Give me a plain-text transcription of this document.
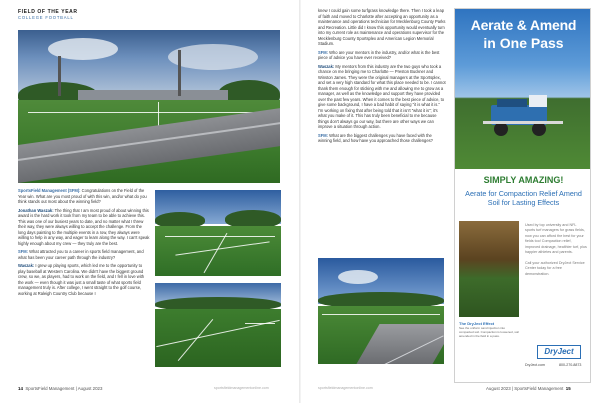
FIELD OF THE YEAR
COLLEGE FOOTBALL

SportsField Management (SFM): Congratulations on the Field of the Year win. What are you most proud of with this win, and/or what do you think stands out most about the winning field?

Jonathan Waszak: The thing that I am most proud of about winning this award is the hard work it took from my team to be able to achieve this. This was one of our busiest years to date, and no matter what I threw their way, they were always willing to accept the challenge. From the long days painting to the multiple events in a row, they always were willing to help in any way, and eager to learn along the way. I can't speak highly enough about my crew — they truly are the best.

SFM: What attracted you to a career in sports field management, and what has been your career path through the industry?

Waszak: I grew up playing sports, which led me to the opportunity to play baseball at Western Carolina. We didn't have the biggest ground crew, so we, as players, had to work on the field, and I fell in love with the work — even though it was just a small taste of what sports field management truly is. After college, I went straight to the golf course, working at Raleigh Country Club because I

knew I could gain some turfgrass knowledge there. Then I took a leap of faith and moved to Charlotte after accepting an opportunity as a maintenance and operations technician for Mecklenburg County Parks and Recreation. Little did I know this opportunity would eventually turn into my current role as maintenance and operations supervisor for the Mecklenburg County Sportsplex and American Legion Memorial Stadium.

SFM: Who are your mentors in the industry, and/or what is the best piece of advice you have ever received?

Waszak: My mentors from this industry are the two guys who took a chance on me bringing me to Charlotte — Preston Buckner and Winston James. They were the original managers at the Sportsplex, and set a very high standard for what this place needed to be. I cannot thank them enough for sticking with me and allowing me to grow as a manager, as well as the knowledge and support they have provided over the past few years. When it comes to the best piece of advice, to give some background, I have a bad habit of saying "it is what it is." I'm working on fixing that after being told that it isn't "what it is"; it's what you make of it. This has truly been beneficial to me because things don't always go our way, but there are other ways we can improve a situation through action.

SFM: What are the biggest challenges you have faced with the winning field, and how have you approached those challenges?

Aerate & Amend
in One Pass
SIMPLY AMAZING!
Aerate for Compaction Relief Amend Soil for Lasting Effects
Used by top university and NFL sports turf managers for grass fields, now you can afford the best for your fields too! Compaction relief, improved drainage, healthier turf, plus happier athletes and parents.

Call your authorized DryJect Service Center today for a free demonstration.
The DryJect Effect
See the uniform sand injection into compacted soil. Compaction is loosened, soil amended in the field in a pass.
DryJect
DryJect.com	800-270-8873
14 SportsField Management | August 2023	sportsfieldmanagementonline.com	sportsfieldmanagementonline.com	August 2023 | SportsField Management 15
